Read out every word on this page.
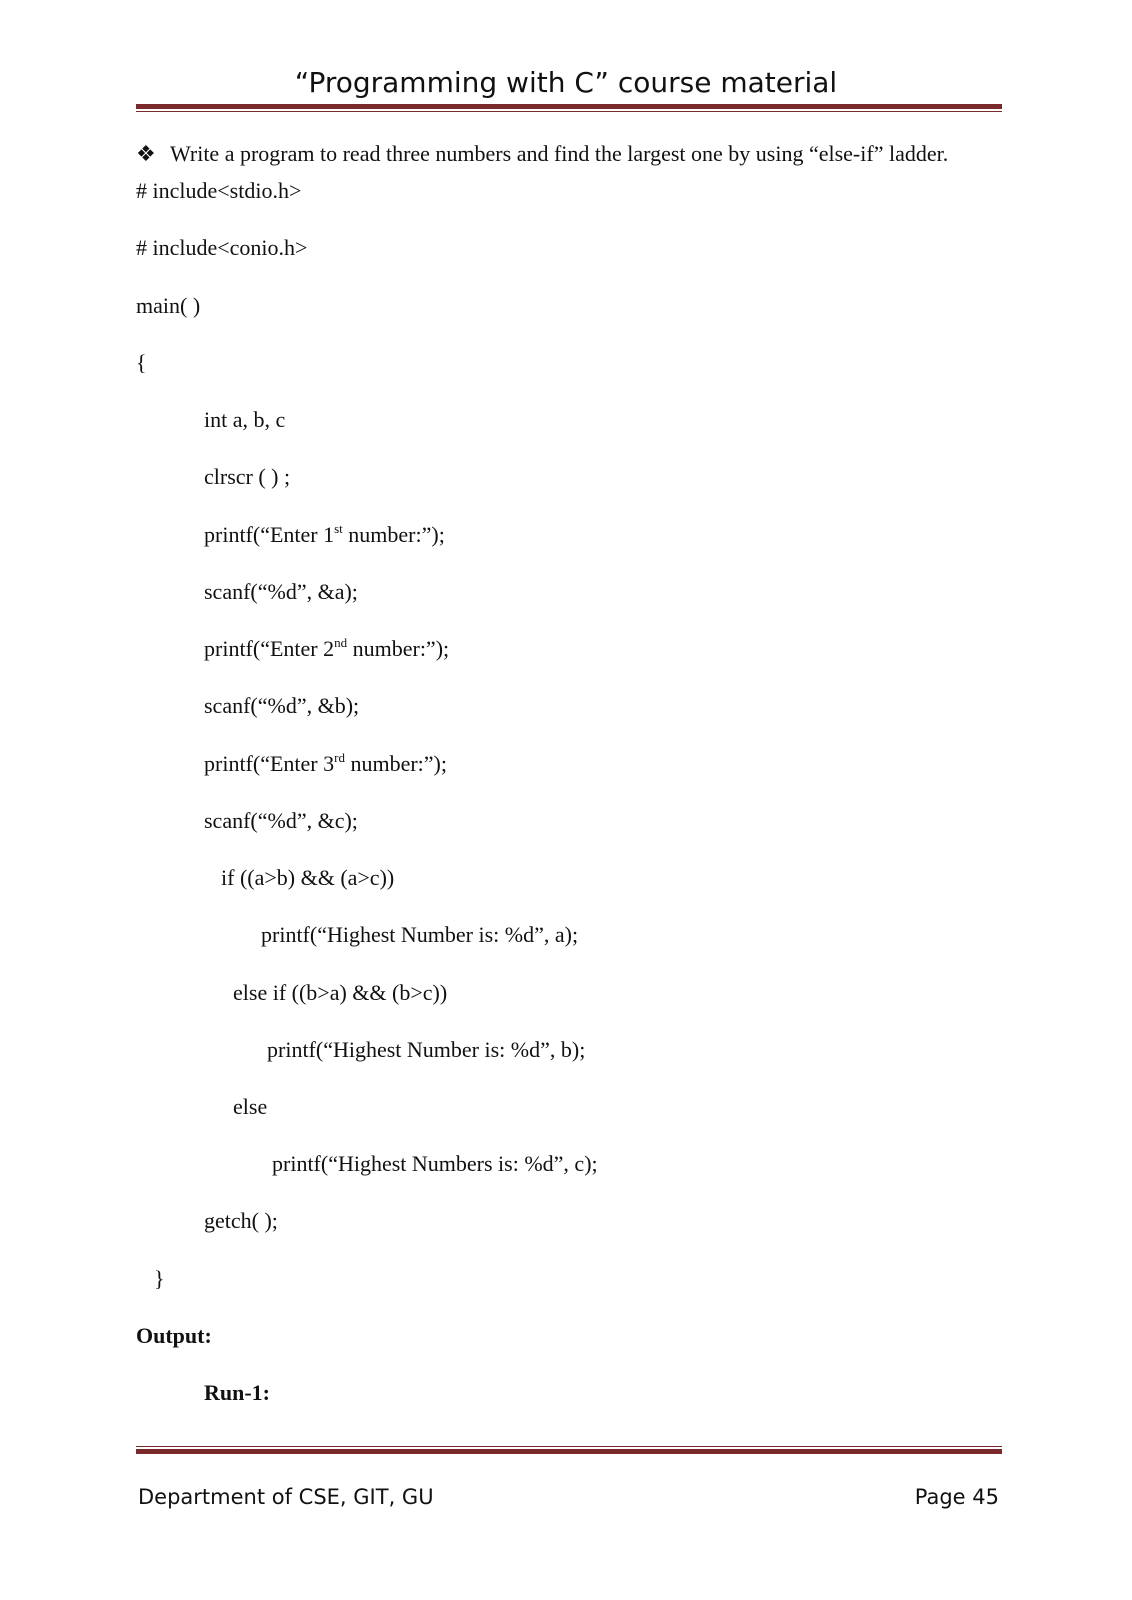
“Programming with C” course material
❖ Write a program to read three numbers and find the largest one by using “else-if” ladder.
# include<stdio.h>
# include<conio.h>
main( )
{
int a, b, c
clrscr ( ) ;
printf(“Enter 1st number:”);
scanf(“%d”, &a);
printf(“Enter 2nd number:”);
scanf(“%d”, &b);
printf(“Enter 3rd number:”);
scanf(“%d”, &c);
if ((a>b) && (a>c))
printf(“Highest Number is: %d”, a);
else if ((b>a) && (b>c))
printf(“Highest Number is: %d”, b);
else
printf(“Highest Numbers is: %d”, c);
getch( );
}
Output:
Run-1:
Department of CSE, GIT, GU	Page 45
